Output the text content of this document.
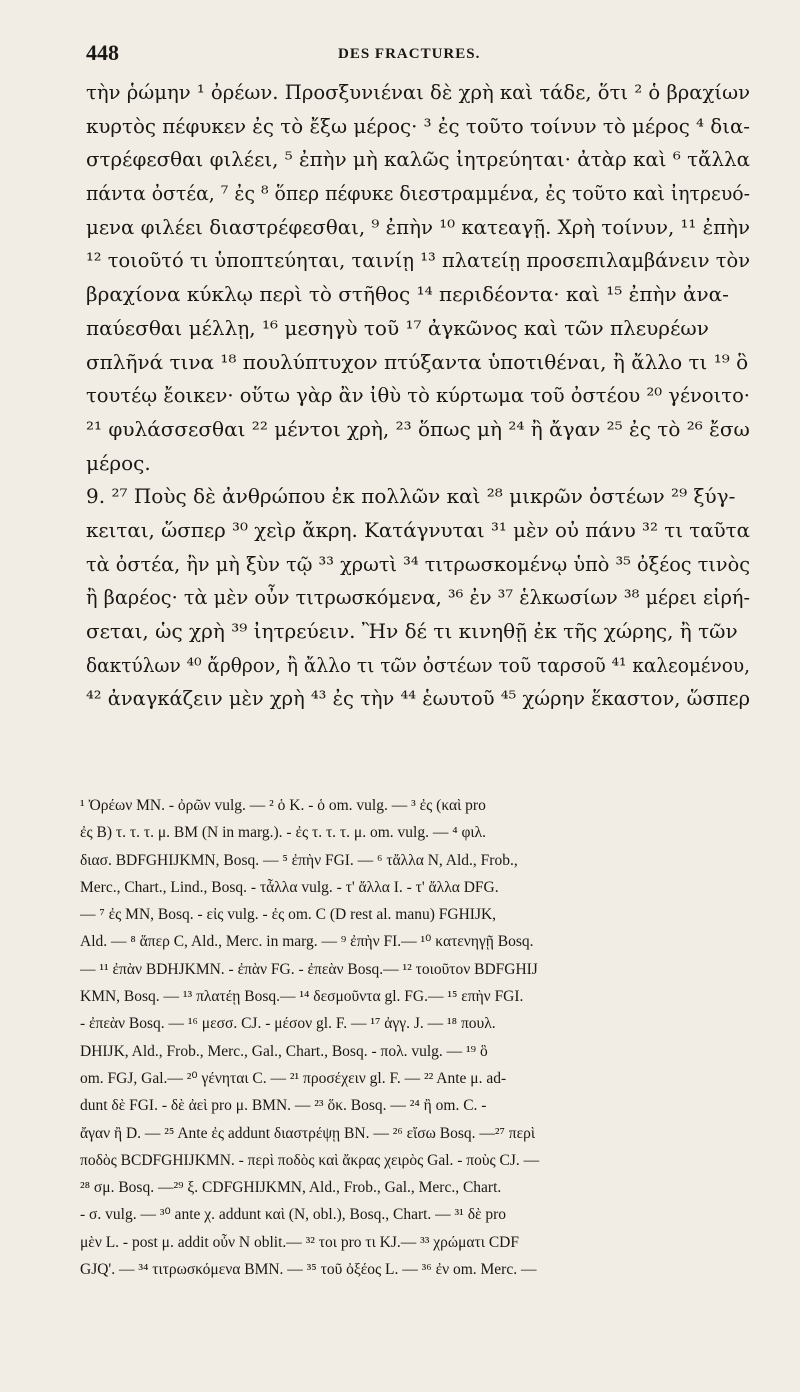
448	DES FRACTURES.
τὴν ῥώμην ¹ ὀρέων. Προσξυνιέναι δὲ χρὴ καὶ τάδε, ὅτι ² ὁ βραχίων
κυρτὸς πέφυκεν ἐς τὸ ἔξω μέρος· ³ ἐς τοῦτο τοίνυν τὸ μέρος ⁴ δια-
στρέφεσθαι φιλέει, ⁵ ἐπὴν μὴ καλῶς ἰητρεύηται· ἀτὰρ καὶ ⁶ τἄλλα
πάντα ὀστέα, ⁷ ἐς ⁸ ὅπερ πέφυκε διεστραμμένα, ἐς τοῦτο καὶ ἰητρευό-
μενα φιλέει διαστρέφεσθαι, ⁹ ἐπὴν ¹⁰ κατεαγῇ. Χρὴ τοίνυν, ¹¹ ἐπὴν
¹² τοιοῦτό τι ὑποπτεύηται, ταινίῃ ¹³ πλατείῃ προσεπιλαμβάνειν τὸν
βραχίονα κύκλῳ περὶ τὸ στῆθος ¹⁴ περιδέοντα· καὶ ¹⁵ ἐπὴν ἀνα-
παύεσθαι μέλλῃ, ¹⁶ μεσηγὺ τοῦ ¹⁷ ἀγκῶνος καὶ τῶν πλευρέων
σπλῆνά τινα ¹⁸ πουλύπτυχον πτύξαντα ὑποτιθέναι, ἢ ἄλλο τι ¹⁹ ὃ
τουτέῳ ἔοικεν· οὕτω γὰρ ἂν ἰθὺ τὸ κύρτωμα τοῦ ὀστέου ²⁰ γένοιτο·
²¹ φυλάσσεσθαι ²² μέντοι χρὴ, ²³ ὅπως μὴ ²⁴ ἢ ἄγαν ²⁵ ἐς τὸ ²⁶ ἔσω
μέρος.
9. ²⁷ Ποὺς δὲ ἀνθρώπου ἐκ πολλῶν καὶ ²⁸ μικρῶν ὀστέων ²⁹ ξύγ-
κειται, ὥσπερ ³⁰ χεὶρ ἄκρη. Κατάγνυται ³¹ μὲν οὐ πάνυ ³² τι ταῦτα
τὰ ὀστέα, ἢν μὴ ξὺν τῷ ³³ χρωτὶ ³⁴ τιτρωσκομένῳ ὑπὸ ³⁵ ὀξέος τινὸς
ἢ βαρέος· τὰ μὲν οὖν τιτρωσκόμενα, ³⁶ ἐν ³⁷ ἑλκωσίων ³⁸ μέρει εἰρή-
σεται, ὡς χρὴ ³⁹ ἰητρεύειν. Ἢν δέ τι κινηθῇ ἐκ τῆς χώρης, ἢ τῶν
δακτύλων ⁴⁰ ἄρθρον, ἢ ἄλλο τι τῶν ὀστέων τοῦ ταρσοῦ ⁴¹ καλεομένου,
⁴² ἀναγκάζειν μὲν χρὴ ⁴³ ἐς τὴν ⁴⁴ ἑωυτοῦ ⁴⁵ χώρην ἕκαστον, ὥσπερ
¹ Ὀρέων MN. - ὀρῶν vulg. — ² ὁ K. - ὁ om. vulg. — ³ ἐς (καὶ pro
ἐς B) τ. τ. τ. μ. BM (N in marg.). - ἐς τ. τ. τ. μ. om. vulg. — ⁴ φιλ.
διασ. BDFGHIJKMN, Bosq. — ⁵ ἐπὴν FGI. — ⁶ τἄλλα N, Ald., Frob.,
Merc., Chart., Lind., Bosq. - τἆλλα vulg. - τ' ἄλλα I. - τ' ἄλλα DFG.
— ⁷ ἐς MN, Bosq. - εἰς vulg. - ἐς om. C (D rest al. manu) FGHIJK,
Ald. — ⁸ ἅπερ C, Ald., Merc. in marg. — ⁹ ἐπὴν FI.— ¹⁰ κατενηγῇ Bosq.
— ¹¹ ἐπὰν BDHJKMN. - ἐπὰν FG. - ἐπεὰν Bosq.— ¹² τοιοῦτον BDFGHIJ
KMN, Bosq. — ¹³ πλατέῃ Bosq.— ¹⁴ δεσμοῦντα gl. FG.— ¹⁵ επὴν FGI.
- ἐπεὰν Bosq. — ¹⁶ μεσσ. CJ. - μέσον gl. F. — ¹⁷ ἀγγ. J. — ¹⁸ πουλ.
DHIJK, Ald., Frob., Merc., Gal., Chart., Bosq. - πολ. vulg. — ¹⁹ ὃ
om. FGJ, Gal.— ²⁰ γένηται C. — ²¹ προσέχειν gl. F. — ²² Ante μ. ad-
dunt δὲ FGI. - δὲ ἀεὶ pro μ. BMN. — ²³ ὅκ. Bosq. — ²⁴ ἢ om. C. -
ἄγαν ἢ D. — ²⁵ Ante ἐς addunt διαστρέψῃ BN. — ²⁶ εἴσω Bosq. —²⁷ περὶ
ποδὸς BCDFGHIJKMN. - περὶ ποδὸς καὶ ἄκρας χειρὸς Gal. - ποὺς CJ. —
²⁸ σμ. Bosq. —²⁹ ξ. CDFGHIJKMN, Ald., Frob., Gal., Merc., Chart.
- σ. vulg. — ³⁰ ante χ. addunt καὶ (N, obl.), Bosq., Chart. — ³¹ δὲ pro
μὲν L. - post μ. addit οὖν N oblit.— ³² τοι pro τι KJ.— ³³ χρώματι CDF
GJQ'. — ³⁴ τιτρωσκόμενα BMN. — ³⁵ τοῦ ὀξέος L. — ³⁶ ἐν om. Merc. —
